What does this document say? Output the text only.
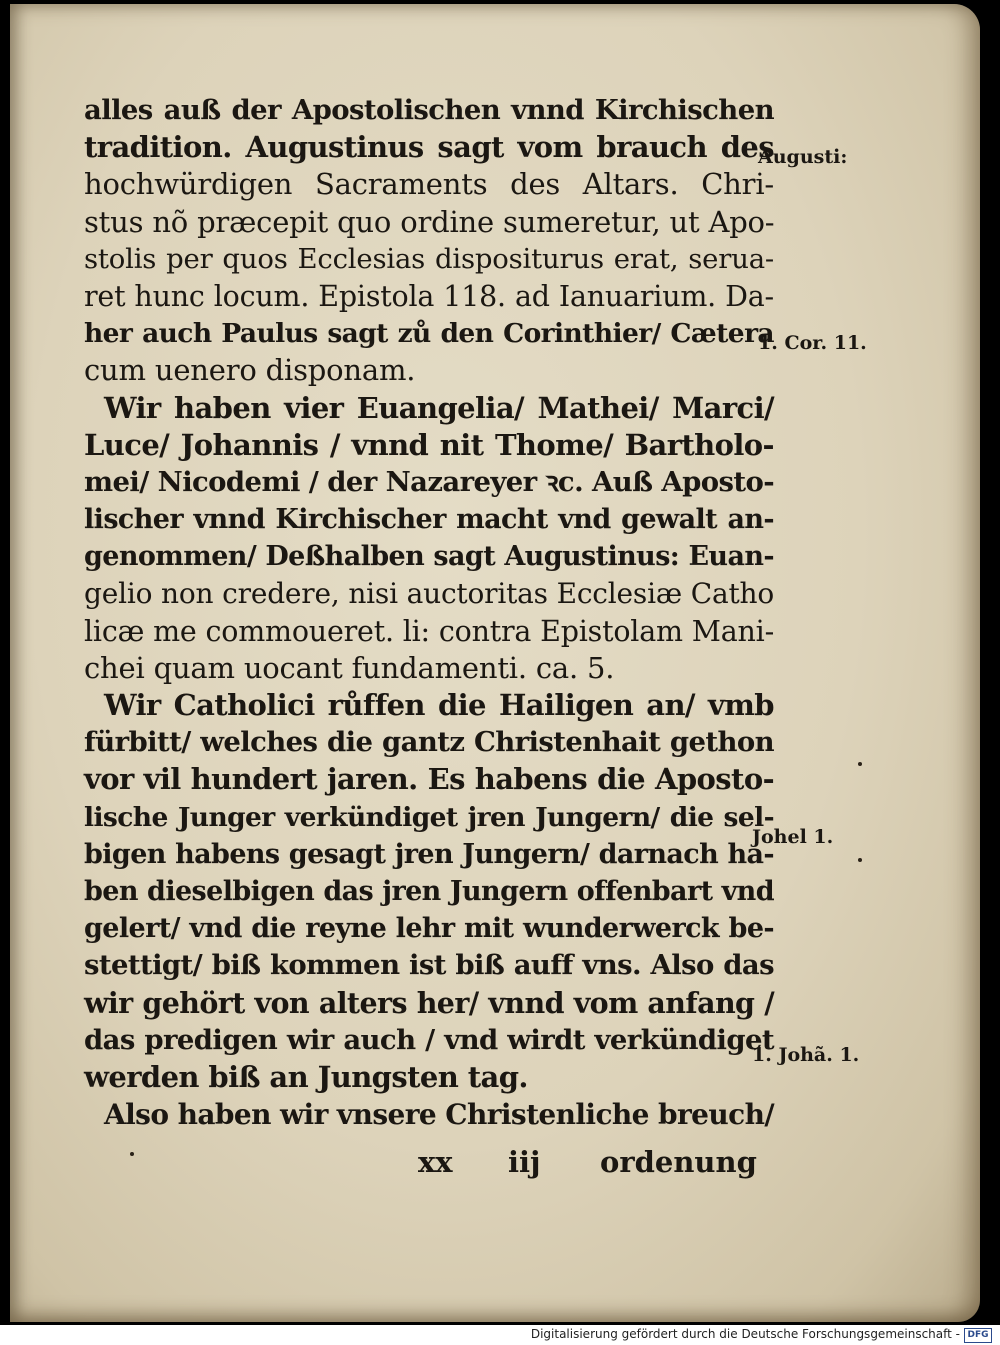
alles auß der Apostolischen vnnd Kirchischen
tradition. Augustinus sagt vom brauch des
hochwürdigen Sacraments des Altars. Chri-
stus nõ præcepit quo ordine sumeretur, ut Apo-
stolis per quos Ecclesias dispositurus erat, serua-
ret hunc locum. Epistola 118. ad Ianuarium. Da-
her auch Paulus sagt zů den Corinthier/ Cætera
cum uenero disponam.
Wir haben vier Euangelia/ Mathei/ Marci/
Luce/ Johannis / vnnd nit Thome/ Bartholo-
mei/ Nicodemi / der Nazareyer ꝛc. Auß Aposto-
lischer vnnd Kirchischer macht vnd gewalt an-
genommen/ Deßhalben sagt Augustinus: Euan-
gelio non credere, nisi auctoritas Ecclesiæ Catho
licæ me commoueret. li: contra Epistolam Mani-
chei quam uocant fundamenti. ca. 5.
Wir Catholici růffen die Hailigen an/ vmb
fürbitt/ welches die gantz Christenhait gethon
vor vil hundert jaren. Es habens die Aposto-
lische Junger verkündiget jren Jungern/ die sel-
bigen habens gesagt jren Jungern/ darnach ha-
ben dieselbigen das jren Jungern offenbart vnd
gelert/ vnd die reyne lehr mit wunderwerck be-
stettigt/ biß kommen ist biß auff vns. Also das
wir gehört von alters her/ vnnd vom anfang /
das predigen wir auch / vnd wirdt verkündiget
werden biß an Jungsten tag.
Also haben wir vnsere Christenliche breuch/
Augusti:
1. Cor. 11.
Johel 1.
1. Johã. 1.
xx iij ordenung
Digitalisierung gefördert durch die Deutsche Forschungsgemeinschaft - DFG
